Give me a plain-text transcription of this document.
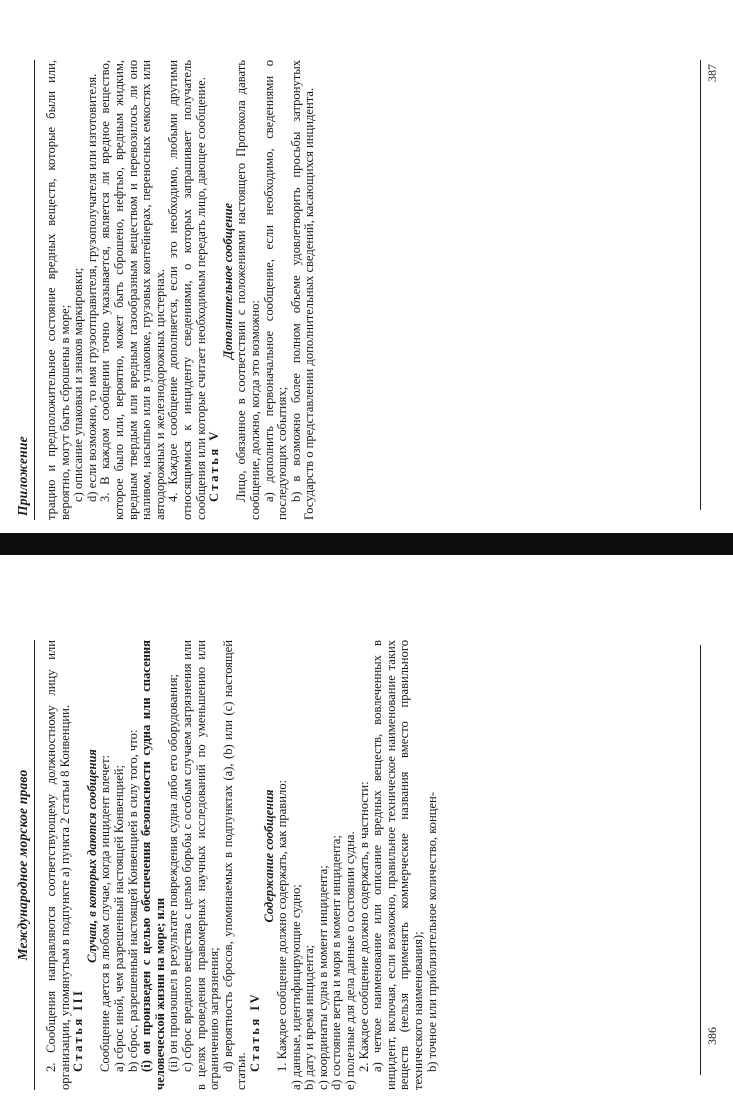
Международное морское право	2. Сообщения направляются соответствующему должностному лицу или организации, упомянутым в подпункте а) пункта 2 статьи 8 Конвенции. Статья III

Случаи, в которых даются сообщения Сообщение дается в любом случае, когда инцидент влечет: a) сброс иной, чем разрешенный настоящей Конвенцией; b) сброс, разрешенный настоящей Конвенцией в силу того, что: (i) он произведен с целью обеспечения безопасности судна или спасения человеческой жизни на море; или (ii) он произошел в результате повреждения судна либо его оборудования; c) сброс вредного вещества с целью борьбы с особым случаем загрязнения или в целях проведения правомерных научных исследований по уменьшению или ограничению загрязнения; d) вероятность сбросов, упоминаемых в подпунктах (а), (b) или (с) настоящей статьи. Статья IV

Содержание сообщения 1. Каждое сообщение должно содержать, как правило: a) данные, идентифицирующие судно; b) дату и время инцидента; c) координаты судна в момент инцидента; d) состояние ветра и моря в момент инцидента; e) полезные для дела данные о состоянии судна. 2. Каждое сообщение должно содержать, в частности: a) четкое наименование или описание вредных веществ, вовлеченных в инцидент, включая, если возможно, правильное техническое наименование таких веществ (нельзя применять коммерческие названия вместо правильного технического наименования); b) точное или приблизительное количество, концен-	386
Приложение	трацию и предположительное состояние вредных веществ, которые были или, вероятно, могут быть сброшены в море; c) описание упаковки и знаков маркировки; d) если возможно, то имя грузоотправителя, грузополучателя или изготовителя. 3. В каждом сообщении точно указывается, является ли вредное вещество, которое было или, вероятно, может быть сброшено, нефтью, вредным жидким, вредным твердым или вредным газообразным веществом и перевозилось ли оно наливом, насыпью или в упаковке, грузовых контейнерах, переносных емкостях или автодорожных и железнодорожных цистернах. 4. Каждое сообщение дополняется, если это необходимо, любыми другими относящимися к инциденту сведениями, о которых запрашивает получатель сообщения или которые считает необходимым передать лицо, дающее сообщение. Статья V

Дополнительное сообщение Лицо, обязанное в соответствии с положениями настоящего Протокола давать сообщение, должно, когда это возможно: a) дополнить первоначальное сообщение, если необходимо, сведениями о последующих событиях; b) в возможно более полном объеме удовлетворить просьбы затронутых Государств о представлении дополнительных сведений, касающихся инцидента.

387
